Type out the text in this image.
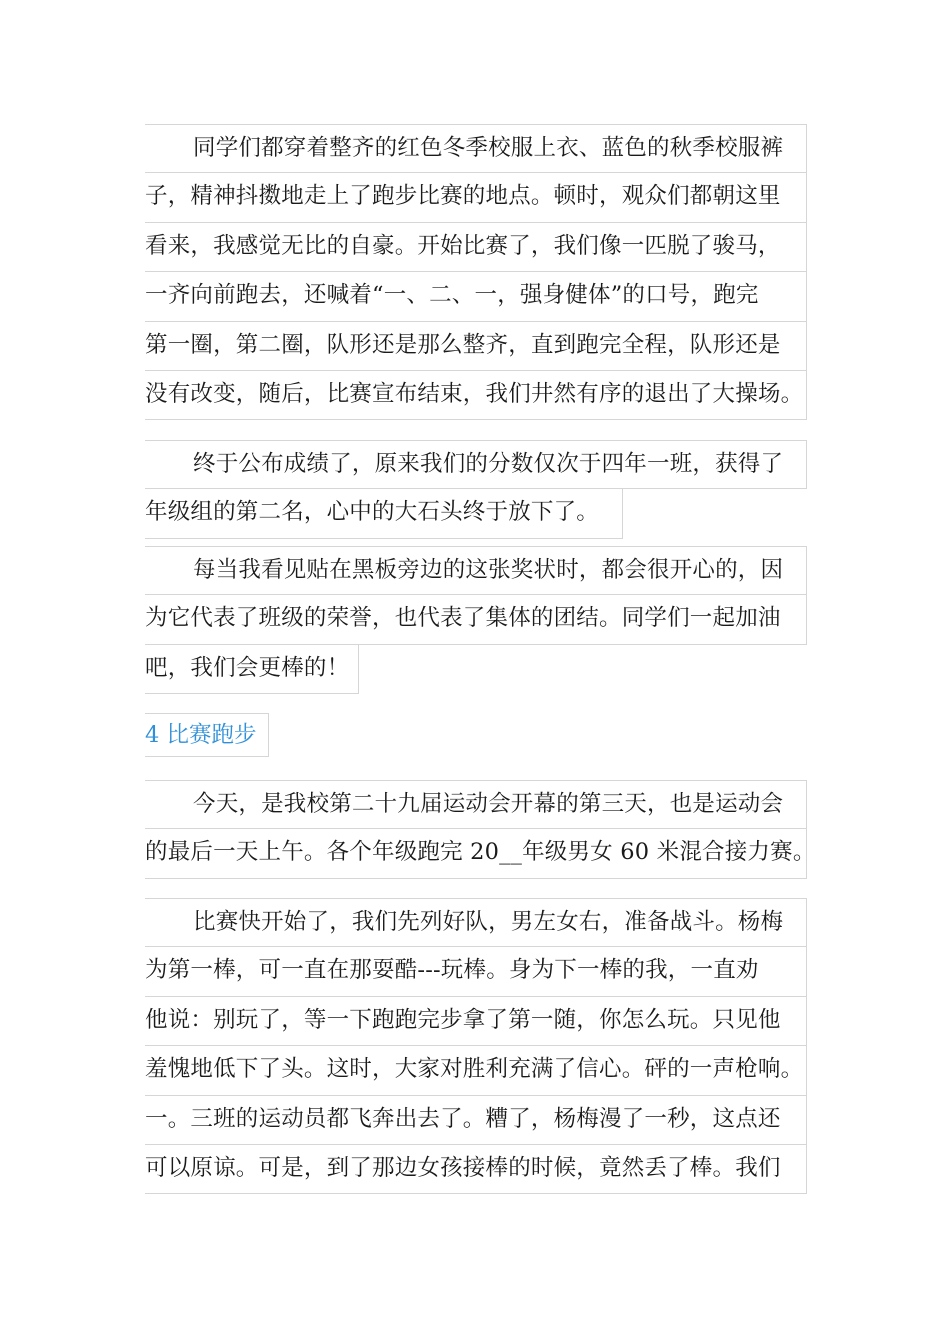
同学们都穿着整齐的红色冬季校服上衣、蓝色的秋季校服裤
子，精神抖擞地走上了跑步比赛的地点。顿时，观众们都朝这里
看来，我感觉无比的自豪。开始比赛了，我们像一匹脱了骏马，
一齐向前跑去，还喊着“一、二、一，强身健体”的口号，跑完
第一圈，第二圈，队形还是那么整齐，直到跑完全程，队形还是
没有改变，随后，比赛宣布结束，我们井然有序的退出了大操场。
终于公布成绩了，原来我们的分数仅次于四年一班，获得了
年级组的第二名，心中的大石头终于放下了。
每当我看见贴在黑板旁边的这张奖状时，都会很开心的，因
为它代表了班级的荣誉，也代表了集体的团结。同学们一起加油
吧，我们会更棒的！
4 比赛跑步
今天，是我校第二十九届运动会开幕的第三天，也是运动会
的最后一天上午。各个年级跑完 20__年级男女 60 米混合接力赛。
比赛快开始了，我们先列好队，男左女右，准备战斗。杨梅
为第一棒，可一直在那耍酷---玩棒。身为下一棒的我，一直劝
他说：别玩了，等一下跑跑完步拿了第一随，你怎么玩。只见他
羞愧地低下了头。这时，大家对胜利充满了信心。砰的一声枪响。
一。三班的运动员都飞奔出去了。糟了，杨梅漫了一秒，这点还
可以原谅。可是，到了那边女孩接棒的时候，竟然丢了棒。我们
